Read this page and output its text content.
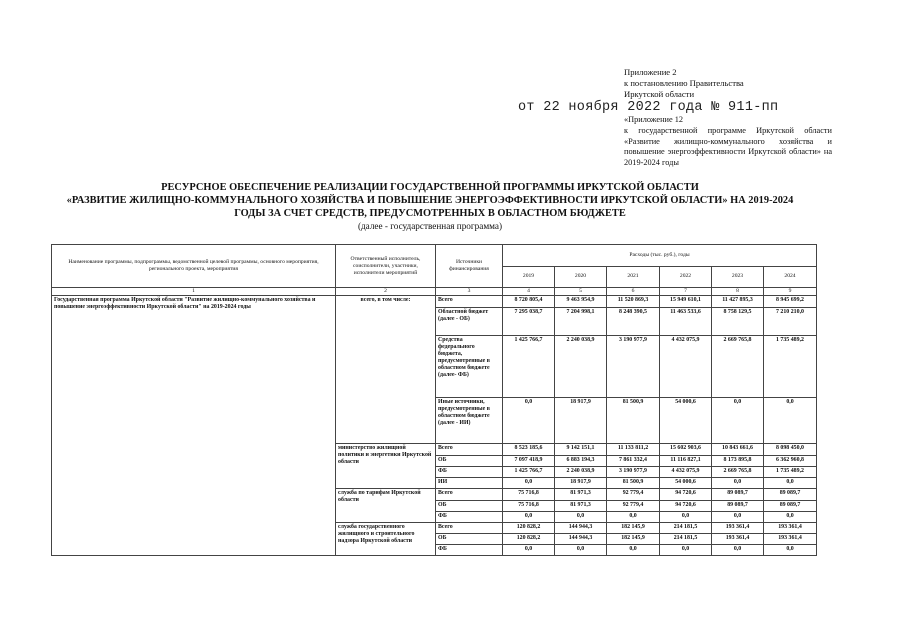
Приложение 2
к постановлению Правительства
Иркутской области
от 22 ноября 2022 года № 911-пп
«Приложение 12
к государственной программе Иркутской области «Развитие жилищно-коммунального хозяйства и повышение энергоэффективности Иркутской области» на 2019-2024 годы
РЕСУРСНОЕ ОБЕСПЕЧЕНИЕ РЕАЛИЗАЦИИ ГОСУДАРСТВЕННОЙ ПРОГРАММЫ ИРКУТСКОЙ ОБЛАСТИ
«РАЗВИТИЕ ЖИЛИЩНО-КОММУНАЛЬНОГО ХОЗЯЙСТВА И ПОВЫШЕНИЕ ЭНЕРГОЭФФЕКТИВНОСТИ ИРКУТСКОЙ ОБЛАСТИ» НА 2019-2024
ГОДЫ ЗА СЧЕТ СРЕДСТВ, ПРЕДУСМОТРЕННЫХ В ОБЛАСТНОМ БЮДЖЕТЕ
(далее - государственная программа)
Наименование программы, подпрограммы, ведомственной целевой программы, основного мероприятия, регионального проекта, мероприятия	Ответственный исполнитель, соисполнители, участники, исполнители мероприятий	Источники финансирования	Расходы (тыс. руб.), годы					
			2019	2020	2021	2022	2023	2024
1	2	3	4	5	6	7	8	9
Государственная программа Иркутской области "Развитие жилищно-коммунального хозяйства и повышение энергоэффективности Иркутской области" на 2019-2024 годы	всего, в том числе:	Всего	8 720 805,4	9 463 954,9	11 520 869,3	15 949 610,1	11 427 895,3	8 945 699,2
		Областной бюджет (далее - ОБ)	7 295 038,7	7 204 998,1	8 248 390,5	11 463 533,6	8 758 129,5	7 210 210,0
		Средства федерального бюджета, предусмотренные в областном бюджете (далее- ФБ)	1 425 766,7	2 240 038,9	3 190 977,9	4 432 075,9	2 669 765,8	1 735 489,2
		Иные источники, предусмотренные в областном бюджете (далее - ИИ)	0,0	18 917,9	81 500,9	54 000,6	0,0	0,0
	министерство жилищной политики и энергетики Иркутской области	Всего	8 523 185,6	9 142 151,1	11 133 811,2	15 602 903,6	10 843 661,6	8 098 450,0
		ОБ	7 097 418,9	6 883 194,3	7 861 332,4	11 116 827,1	8 173 895,8	6 362 960,8
		ФБ	1 425 766,7	2 240 038,9	3 190 977,9	4 432 075,9	2 669 765,8	1 735 489,2
		ИИ	0,0	18 917,9	81 500,9	54 000,6	0,0	0,0
	служба по тарифам Иркутской области	Всего	75 716,8	81 971,3	92 779,4	94 720,6	89 089,7	89 089,7
		ОБ	75 716,8	81 971,3	92 779,4	94 720,6	89 089,7	89 089,7
		ФБ	0,0	0,0	0,0	0,0	0,0	0,0
	служба государственного жилищного и строительного надзора Иркутской области	Всего	120 828,2	144 944,3	182 145,9	214 181,5	193 361,4	193 361,4
		ОБ	120 828,2	144 944,3	182 145,9	214 181,5	193 361,4	193 361,4
		ФБ	0,0	0,0	0,0	0,0	0,0	0,0
